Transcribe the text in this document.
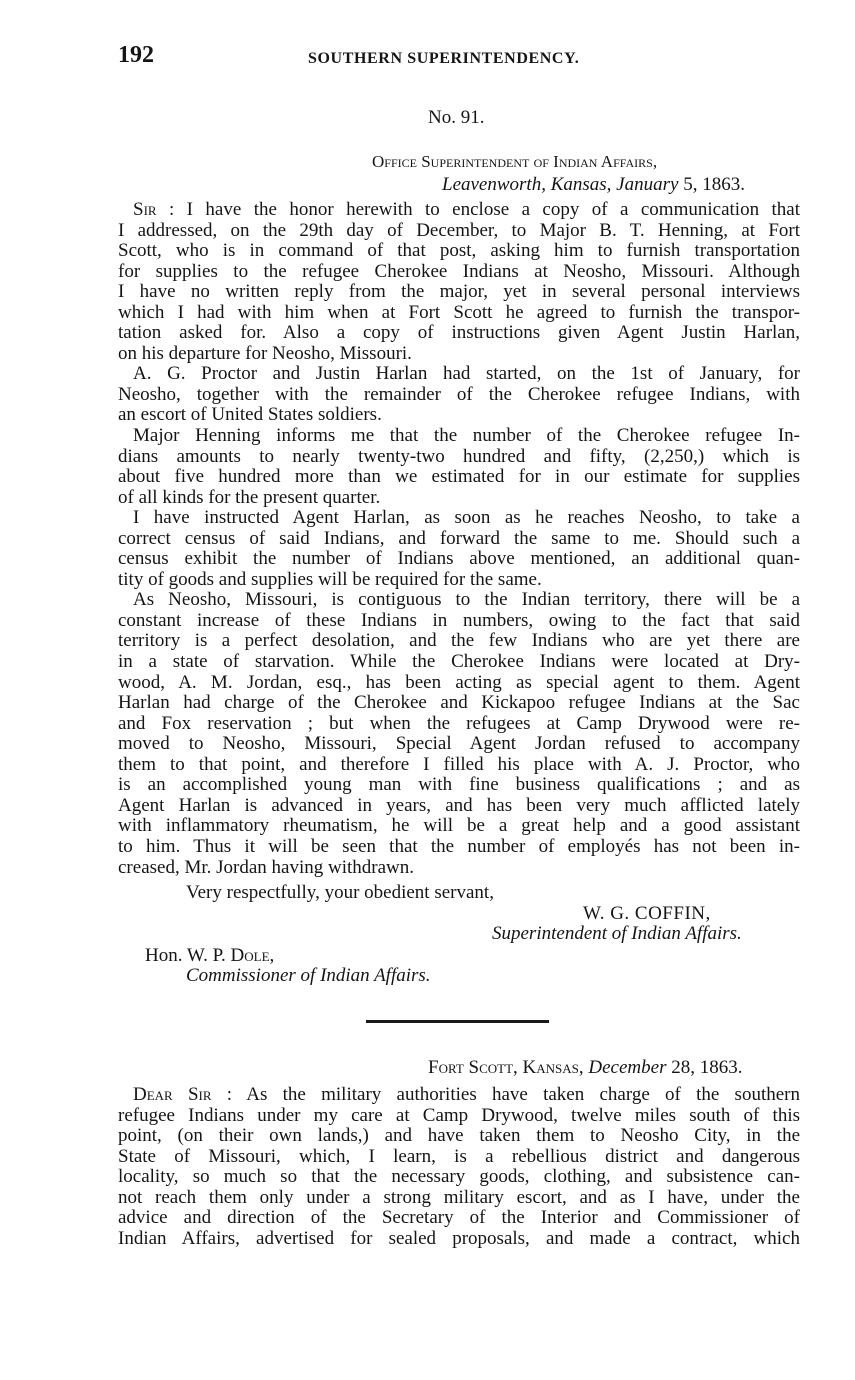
192	SOUTHERN SUPERINTENDENCY.
No. 91.
Office Superintendent of Indian Affairs,
Leavenworth, Kansas, January 5, 1863.
Sir : I have the honor herewith to enclose a copy of a communication that
I addressed, on the 29th day of December, to Major B. T. Henning, at Fort
Scott, who is in command of that post, asking him to furnish transportation
for supplies to the refugee Cherokee Indians at Neosho, Missouri. Although
I have no written reply from the major, yet in several personal interviews
which I had with him when at Fort Scott he agreed to furnish the transpor-
tation asked for. Also a copy of instructions given Agent Justin Harlan,
on his departure for Neosho, Missouri.
A. G. Proctor and Justin Harlan had started, on the 1st of January, for
Neosho, together with the remainder of the Cherokee refugee Indians, with
an escort of United States soldiers.
Major Henning informs me that the number of the Cherokee refugee In-
dians amounts to nearly twenty-two hundred and fifty, (2,250,) which is
about five hundred more than we estimated for in our estimate for supplies
of all kinds for the present quarter.
I have instructed Agent Harlan, as soon as he reaches Neosho, to take a
correct census of said Indians, and forward the same to me. Should such a
census exhibit the number of Indians above mentioned, an additional quan-
tity of goods and supplies will be required for the same.
As Neosho, Missouri, is contiguous to the Indian territory, there will be a
constant increase of these Indians in numbers, owing to the fact that said
territory is a perfect desolation, and the few Indians who are yet there are
in a state of starvation. While the Cherokee Indians were located at Dry-
wood, A. M. Jordan, esq., has been acting as special agent to them. Agent
Harlan had charge of the Cherokee and Kickapoo refugee Indians at the Sac
and Fox reservation ; but when the refugees at Camp Drywood were re-
moved to Neosho, Missouri, Special Agent Jordan refused to accompany
them to that point, and therefore I filled his place with A. J. Proctor, who
is an accomplished young man with fine business qualifications ; and as
Agent Harlan is advanced in years, and has been very much afflicted lately
with inflammatory rheumatism, he will be a great help and a good assistant
to him. Thus it will be seen that the number of employés has not been in-
creased, Mr. Jordan having withdrawn.
Very respectfully, your obedient servant,
W. G. COFFIN,
Superintendent of Indian Affairs.
Hon. W. P. Dole,
Commissioner of Indian Affairs.
Fort Scott, Kansas, December 28, 1863.
Dear Sir : As the military authorities have taken charge of the southern
refugee Indians under my care at Camp Drywood, twelve miles south of this
point, (on their own lands,) and have taken them to Neosho City, in the
State of Missouri, which, I learn, is a rebellious district and dangerous
locality, so much so that the necessary goods, clothing, and subsistence can-
not reach them only under a strong military escort, and as I have, under the
advice and direction of the Secretary of the Interior and Commissioner of
Indian Affairs, advertised for sealed proposals, and made a contract, which
